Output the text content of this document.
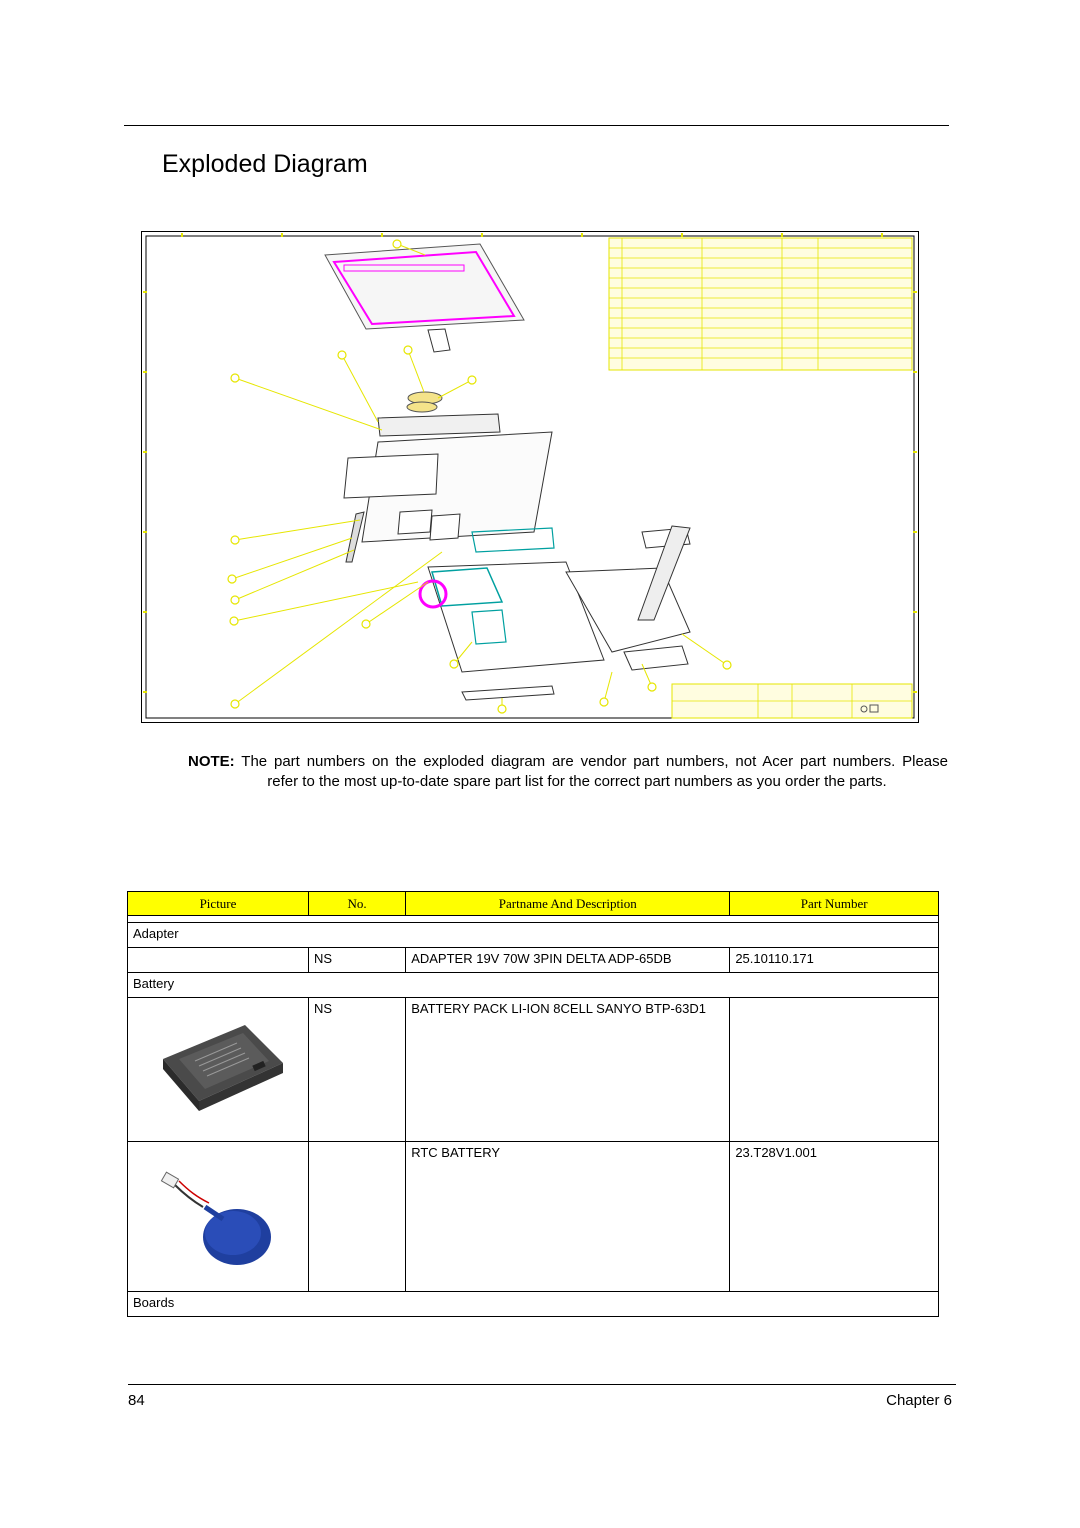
Exploded Diagram

NOTE: The part numbers on the exploded diagram are vendor part numbers, not Acer part numbers. Please
refer to the most up-to-date spare part list for the correct part numbers as you order the parts.

Picture	No.	Partname And Description	Part Number

Adapter			
	NS	ADAPTER 19V 70W 3PIN DELTA ADP-65DB	25.10110.171
Battery			
	NS	BATTERY PACK LI-ION 8CELL SANYO BTP-63D1	
		RTC BATTERY	23.T28V1.001
Boards			
84	Chapter 6
